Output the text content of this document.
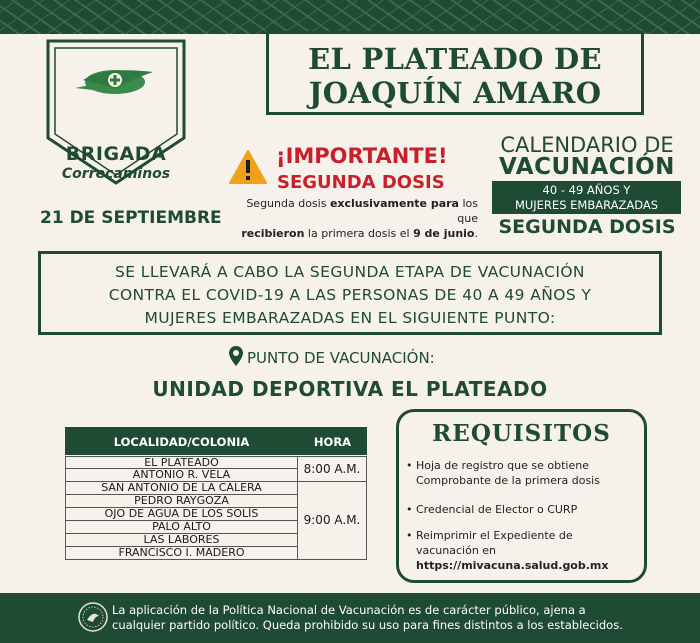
BRIGADA
Correcaminos
EL PLATEADO DE
JOAQUÍN AMARO
¡IMPORTANTE!
SEGUNDA DOSIS
Segunda dosis exclusivamente para los que
recibieron la primera dosis el 9 de junio.
21 DE SEPTIEMBRE
CALENDARIO DE
VACUNACIÓN
40 - 49 AÑOS Y
MUJERES EMBARAZADAS
SEGUNDA DOSIS
SE LLEVARÁ A CABO LA SEGUNDA ETAPA DE VACUNACIÓN
CONTRA EL COVID-19 A LAS PERSONAS DE 40 A 49 AÑOS Y
MUJERES EMBARAZADAS EN EL SIGUIENTE PUNTO:
PUNTO DE VACUNACIÓN:
UNIDAD DEPORTIVA EL PLATEADO
LOCALIDAD/COLONIA	HORA
EL PLATEADO
ANTONIO R. VELA
SAN ANTONIO DE LA CALERA
PEDRO RAYGOZA
OJO DE AGUA DE LOS SOLÍS
PALO ALTO
LAS LABORES
FRANCISCO I. MADERO
8:00 A.M.
9:00 A.M.
REQUISITOS
• Hoja de registro que se obtiene
Comprobante de la primera dosis
• Credencial de Elector o CURP
• Reimprimir el Expediente de
vacunación en
https://mivacuna.salud.gob.mx
La aplicación de la Política Nacional de Vacunación es de carácter público, ajena a
cualquier partido político. Queda prohibido su uso para fines distintos a los establecidos.
